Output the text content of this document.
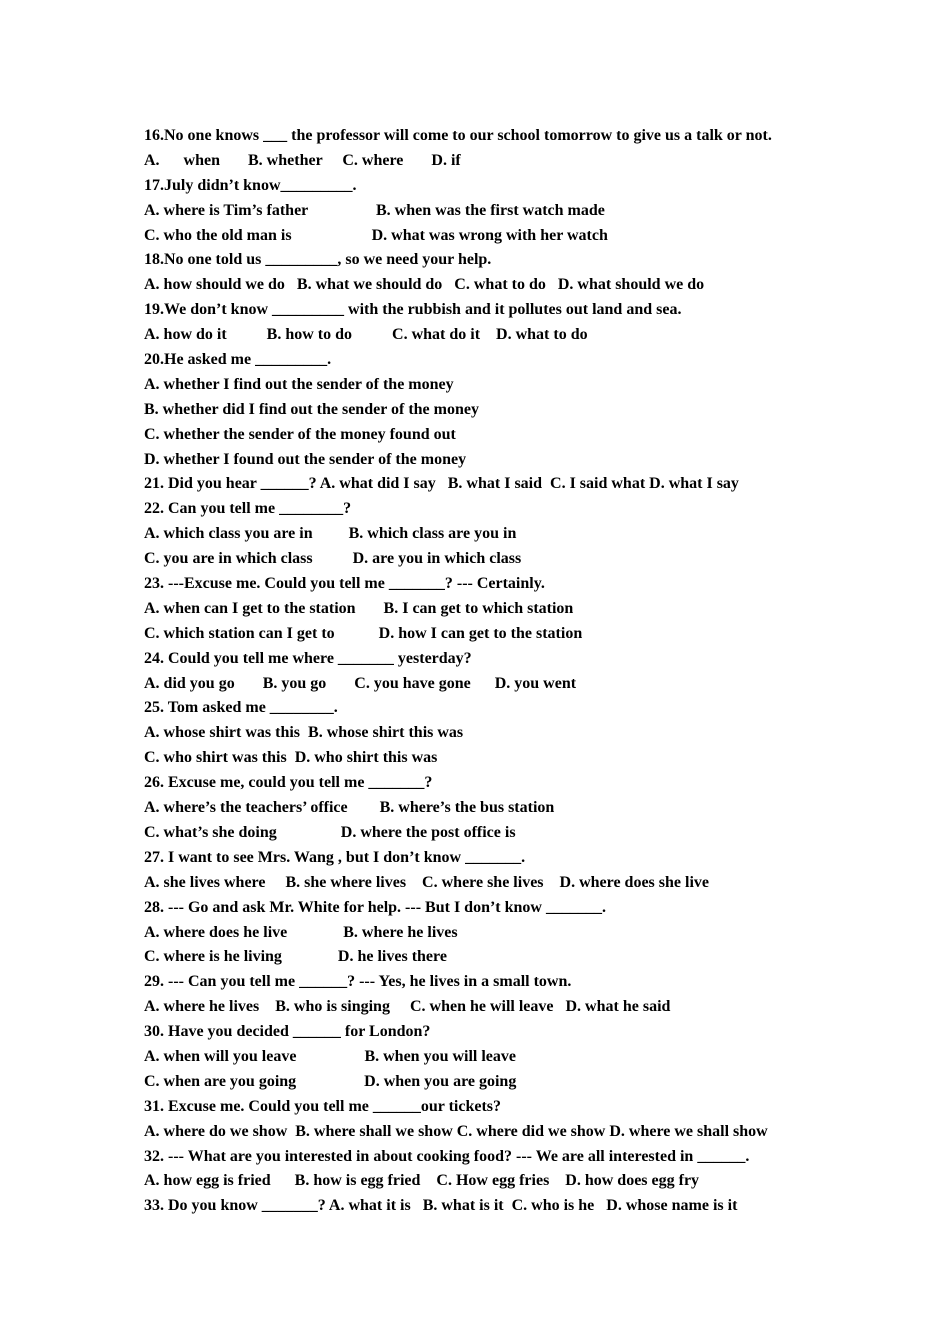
16.No one knows ___ the professor will come to our school tomorrow to give us a talk or not.
A.      when       B. whether     C. where       D. if
17.July didn’t know_________.
A. where is Tim’s father                 B. when was the first watch made
C. who the old man is                    D. what was wrong with her watch
18.No one told us _________, so we need your help.
A. how should we do   B. what we should do   C. what to do   D. what should we do
19.We don’t know _________ with the rubbish and it pollutes out land and sea.
A. how do it          B. how to do          C. what do it    D. what to do
20.He asked me _________.
A. whether I find out the sender of the money
B. whether did I find out the sender of the money
C. whether the sender of the money found out
D. whether I found out the sender of the money
21. Did you hear ______? A. what did I say   B. what I said  C. I said what D. what I say
22. Can you tell me ________?
A. which class you are in         B. which class are you in
C. you are in which class          D. are you in which class
23. ---Excuse me. Could you tell me _______? --- Certainly.
A. when can I get to the station       B. I can get to which station
C. which station can I get to           D. how I can get to the station
24. Could you tell me where _______ yesterday?
A. did you go       B. you go       C. you have gone      D. you went
25. Tom asked me ________.
A. whose shirt was this  B. whose shirt this was
C. who shirt was this  D. who shirt this was
26. Excuse me, could you tell me _______?
A. where’s the teachers’ office        B. where’s the bus station
C. what’s she doing                D. where the post office is
27. I want to see Mrs. Wang , but I don’t know _______.
A. she lives where     B. she where lives    C. where she lives    D. where does she live
28. --- Go and ask Mr. White for help. --- But I don’t know _______.
A. where does he live              B. where he lives
C. where is he living              D. he lives there
29. --- Can you tell me ______? --- Yes, he lives in a small town.
A. where he lives    B. who is singing     C. when he will leave   D. what he said
30. Have you decided ______ for London?
A. when will you leave                 B. when you will leave
C. when are you going                 D. when you are going
31. Excuse me. Could you tell me ______our tickets?
A. where do we show  B. where shall we show C. where did we show D. where we shall show
32. --- What are you interested in about cooking food? --- We are all interested in ______.
A. how egg is fried      B. how is egg fried    C. How egg fries    D. how does egg fry
33. Do you know _______? A. what it is   B. what is it  C. who is he   D. whose name is it
